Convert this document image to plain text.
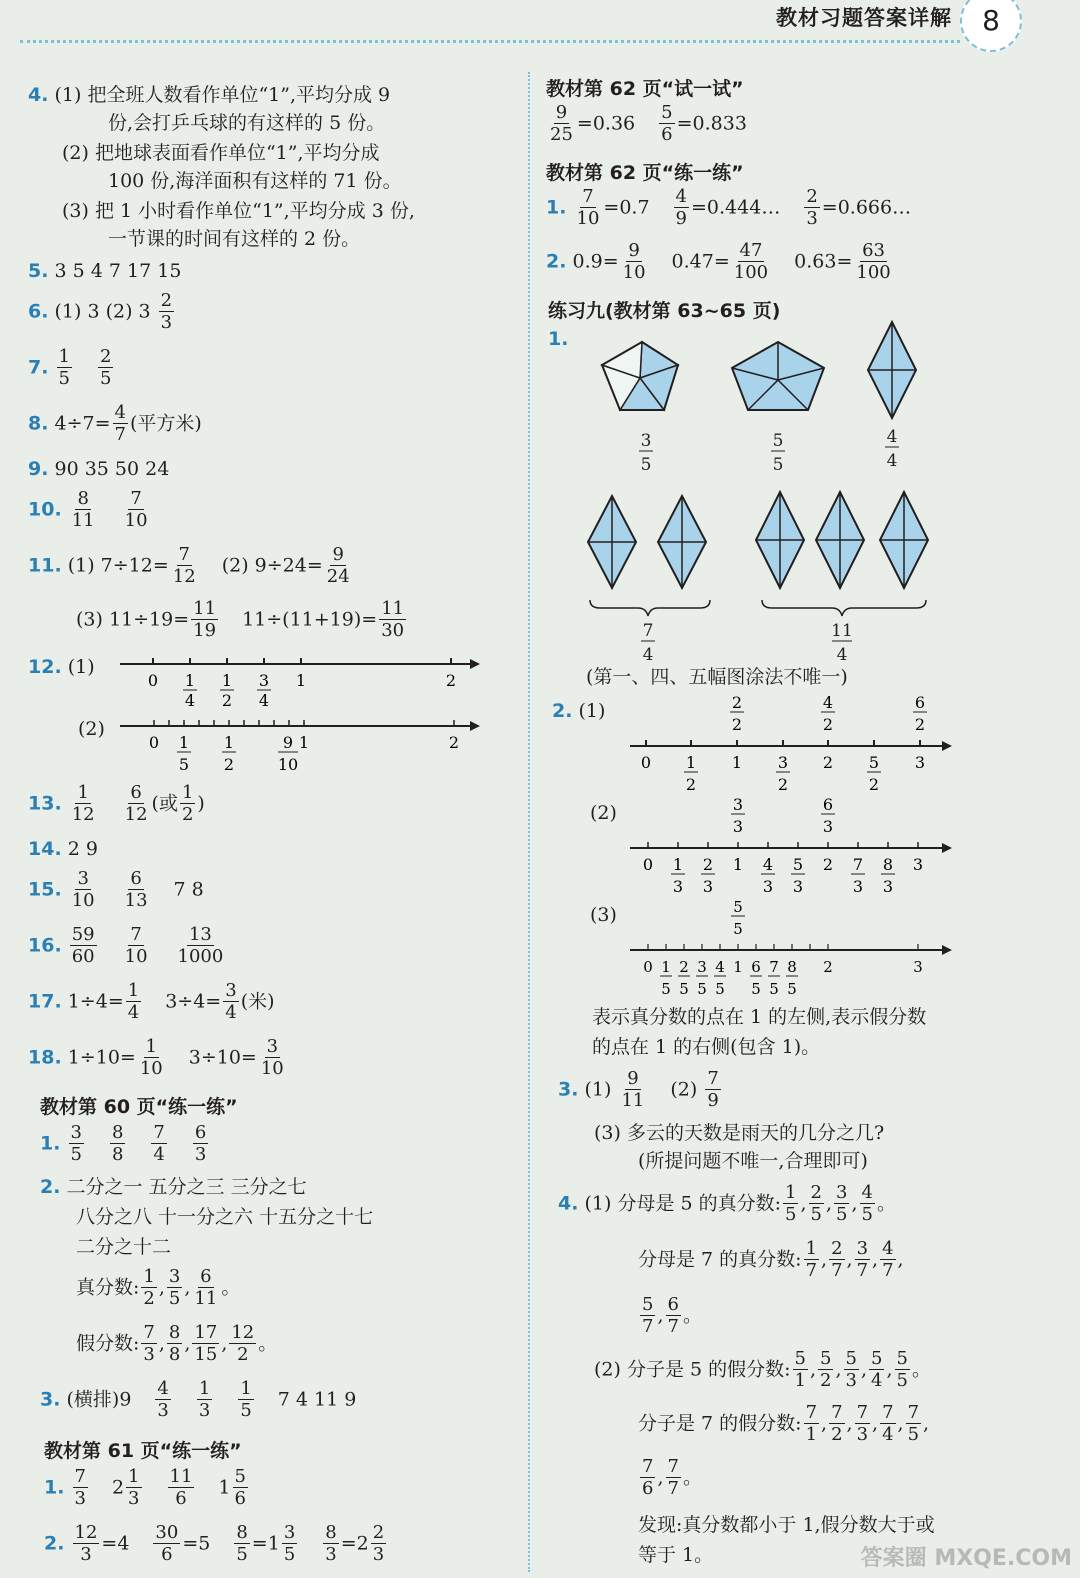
教材习题答案详解	8
4. (1) 把全班人数看作单位“1”,平均分成 9
份,会打乒乓球的有这样的 5 份。
(2) 把地球表面看作单位“1”,平均分成
100 份,海洋面积有这样的 71 份。
(3) 把 1 小时看作单位“1”,平均分成 3 份,
一节课的时间有这样的 2 份。
5. 3 5 4 7 17 15
6. (1) 3 (2) $3 \frac{2}{3}$
7. $\frac{1}{5} \frac{2}{5}$
8. $4\div 7= \frac{4}{7}$ (平方米)
9. 90 35 50 24
10. $\frac{8}{11} \frac{7}{10}$
11. (1) $7\div 12= \frac{7}{12} (2)$ $9\div 24= \frac{9}{24}$
(3) $11\div 19= \frac{11}{19} 11\div(11+19)= \frac{11}{30}$
12. (1)
0 1
4
1
2
3
4
1	2
(2)
0 1
5
1
2
9
10
1	2
13. $\frac{1}{12} \frac{6}{12}$ (或 $\frac{1}{2}$ )
14. 2 9
15. $\frac{3}{10} \frac{6}{13} 7$ 8
16. $\frac{59}{60} \frac{7}{10} \frac{13}{1000}$
17. $1\div 4= \frac{1}{4} 3\div 4= \frac{3}{4}$ (米)
18. $1\div 10= \frac{1}{10} 3\div 10= \frac{3}{10}$
教材第 60 页“练一练”
1. $\frac{3}{5} \frac{8}{8} \frac{7}{4} \frac{6}{3}$
2. 二分之一 五分之三 三分之七
八分之八 十一分之六 十五分之十七
二分之十二
真分数: $\frac{1}{2}$ , $\frac{3}{5}$ , $\frac{6}{11}$ 。
假分数: $\frac{7}{3}$ , $\frac{8}{8}$ , $\frac{17}{15}$ , $\frac{12}{2}$ 。
3. (横排)$9 \frac{4}{3} \frac{1}{3} \frac{1}{5} 7$ 4 11 9
教材第 61 页“练一练”
1. $\frac{7}{3} 2 \frac{1}{3} \frac{11}{6} 1 \frac{5}{6}$
2. $\frac{12}{3} =4 \frac{30}{6} =5 \frac{8}{5} =1 \frac{3}{5} \frac{8}{3} =2 \frac{2}{3}$
教材第 62 页“试一试”
$\frac{9}{25} =0.36 \frac{5}{6} =0.833$
教材第 62 页“练一练”
1. $\frac{7}{10} =0.7 \frac{4}{9}$ =0.444… $\frac{2}{3}$ =0.666…
2. $0.9= \frac{9}{10} 0.47= \frac{47}{100} 0.63= \frac{63}{100}$
练习九(教材第 63~65 页)
1.
3
5
5
5
4
4
7
4
11
4
(第一、四、五幅图涂法不唯一)
2. (1)	2
2
4
2
6
2
0 1
2
1 3
2
2 5
2
3
(2)	3
3
6
3
0 1
3
2
3
1 4
3
5
3
2 7
3
8
3
3
(3)	5
5
0 1
5
2
5
3
5
4
5
1 6
5
7
5
8
5
2	3
表示真分数的点在 1 的左侧,表示假分数
的点在 1 的右侧(包含 1)。
3. $(1) \frac{9}{11} (2) \frac{7}{9}$
(3) 多云的天数是雨天的几分之几?
(所提问题不唯一,合理即可)
4. (1) 分母是 5 的真分数: $\frac{1}{5}$ , $\frac{2}{5}$ , $\frac{3}{5}$ , $\frac{4}{5}$ 。
分母是 7 的真分数: $\frac{1}{7}$ , $\frac{2}{7}$ , $\frac{3}{7}$ , $\frac{4}{7}$ ,
$\frac{5}{7}$ , $\frac{6}{7}$ 。
(2) 分子是 5 的假分数: $\frac{5}{1}$ , $\frac{5}{2}$ , $\frac{5}{3}$ , $\frac{5}{4}$ , $\frac{5}{5}$ 。
分子是 7 的假分数: $\frac{7}{1}$ , $\frac{7}{2}$ , $\frac{7}{3}$ , $\frac{7}{4}$ , $\frac{7}{5}$ ,
$\frac{7}{6}$ , $\frac{7}{7}$ 。
发现:真分数都小于 1,假分数大于或
等于 1。	答案圈 MXQE.COM
